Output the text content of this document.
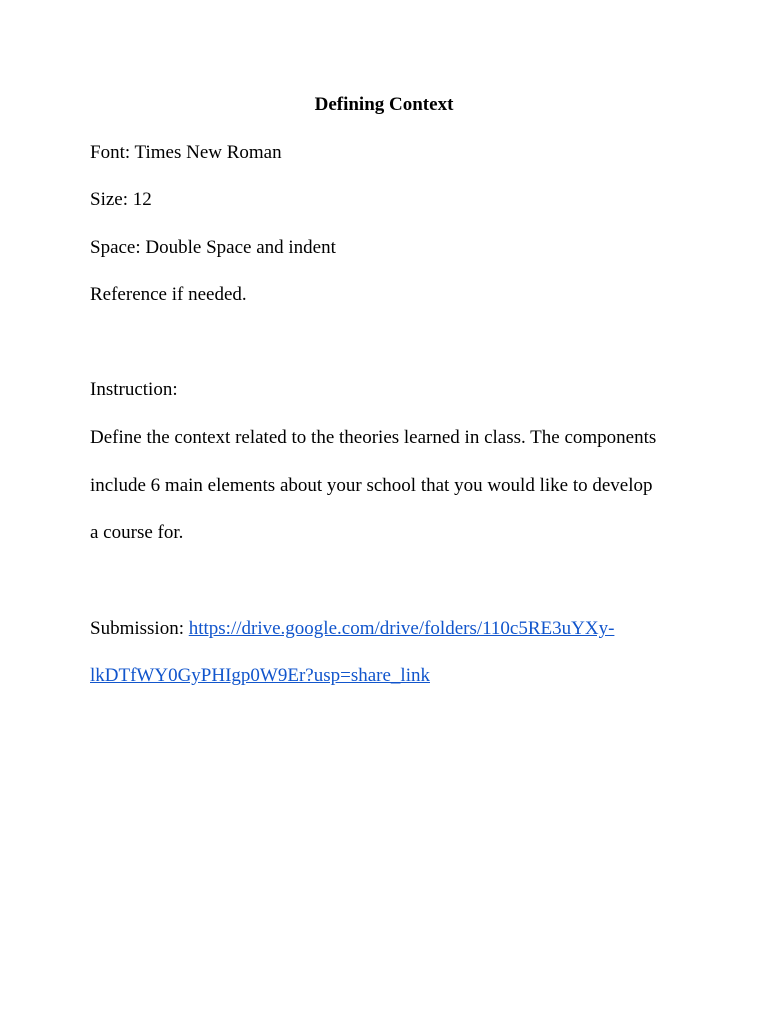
Defining Context
Font: Times New Roman
Size: 12
Space: Double Space and indent
Reference if needed.
Instruction:
Define the context related to the theories learned in class. The components
include 6 main elements about your school that you would like to develop
a course for.
Submission: https://drive.google.com/drive/folders/110c5RE3uYXy-
lkDTfWY0GyPHIgp0W9Er?usp=share_link
